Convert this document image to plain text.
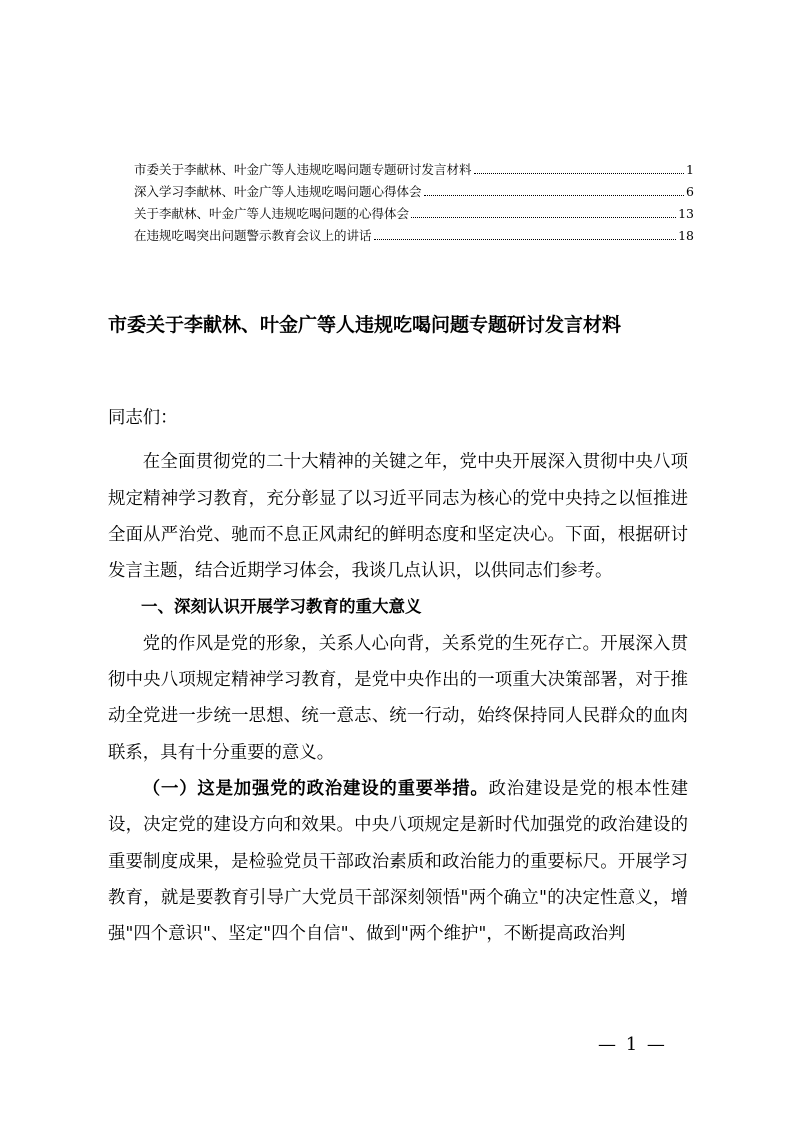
市委关于李献林、叶金广等人违规吃喝问题专题研讨发言材料	1
深入学习李献林、叶金广等人违规吃喝问题心得体会	6
关于李献林、叶金广等人违规吃喝问题的心得体会	13
在违规吃喝突出问题警示教育会议上的讲话	18
市委关于李献林、叶金广等人违规吃喝问题专题研讨发言材料

同志们：

在全面贯彻党的二十大精神的关键之年，党中央开展深入贯彻中央八项规定精神学习教育，充分彰显了以习近平同志为核心的党中央持之以恒推进全面从严治党、驰而不息正风肃纪的鲜明态度和坚定决心。下面，根据研讨发言主题，结合近期学习体会，我谈几点认识，以供同志们参考。

一、深刻认识开展学习教育的重大意义

党的作风是党的形象，关系人心向背，关系党的生死存亡。开展深入贯彻中央八项规定精神学习教育，是党中央作出的一项重大决策部署，对于推动全党进一步统一思想、统一意志、统一行动，始终保持同人民群众的血肉联系，具有十分重要的意义。

（一）这是加强党的政治建设的重要举措。政治建设是党的根本性建设，决定党的建设方向和效果。中央八项规定是新时代加强党的政治建设的重要制度成果，是检验党员干部政治素质和政治能力的重要标尺。开展学习教育，就是要教育引导广大党员干部深刻领悟"两个确立"的决定性意义，增强"四个意识"、坚定"四个自信"、做到"两个维护"，不断提高政治判

— 1 —
